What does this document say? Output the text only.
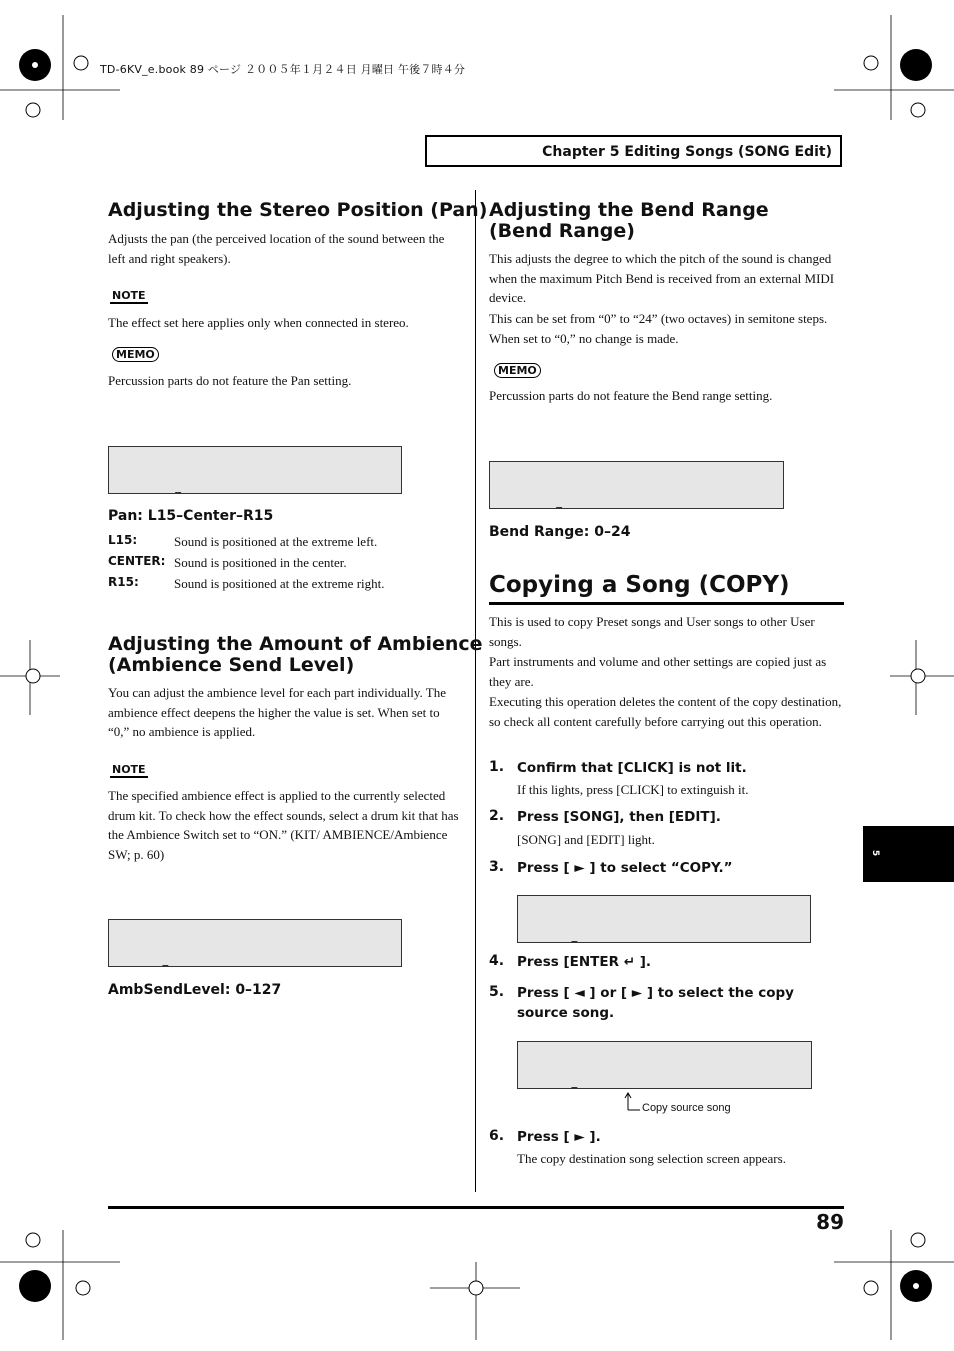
TD-6KV_e.book 89 ページ ２００５年１月２４日 月曜日 午後７時４分
Chapter 5 Editing Songs (SONG Edit)
Adjusting the Stereo Position (Pan)

Adjusts the pan (the perceived location of the sound between the left and right speakers).

NOTE

The effect set here applies only when connected in stereo.

MEMO

Percussion parts do not feature the Pan setting.

Pan: L15–Center–R15
L15:	Sound is positioned at the extreme left.
CENTER: Sound is positioned in the center.
R15:	Sound is positioned at the extreme right.
Adjusting the Amount of Ambience
(Ambience Send Level)

You can adjust the ambience level for each part individually. The ambience effect deepens the higher the value is set. When set to “0,” no ambience is applied.

NOTE

The specified ambience effect is applied to the currently selected drum kit. To check how the effect sounds, select a drum kit that has the Ambience Switch set to “ON.” (KIT/ AMBIENCE/Ambience SW; p. 60)

AmbSendLevel: 0–127
Adjusting the Bend Range
(Bend Range)

This adjusts the degree to which the pitch of the sound is changed when the maximum Pitch Bend is received from an external MIDI device.

This can be set from “0” to “24” (two octaves) in semitone steps. When set to “0,” no change is made.

MEMO

Percussion parts do not feature the Bend range setting.

Bend Range: 0–24
Copying a Song (COPY)

This is used to copy Preset songs and User songs to other User songs.

Part instruments and volume and other settings are copied just as they are.

Executing this operation deletes the content of the copy destination, so check all content carefully before carrying out this operation.

1. Confirm that [CLICK] is not lit.
If this lights, press [CLICK] to extinguish it.
2. Press [SONG], then [EDIT].
[SONG] and [EDIT] light.
3. Press [ ► ] to select “COPY.”

4. Press [ENTER ↵ ].
5. Press [ ◄ ] or [ ► ] to select the copy source song.

Copy source song
6. Press [ ► ].
The copy destination song selection screen appears.
89
5
